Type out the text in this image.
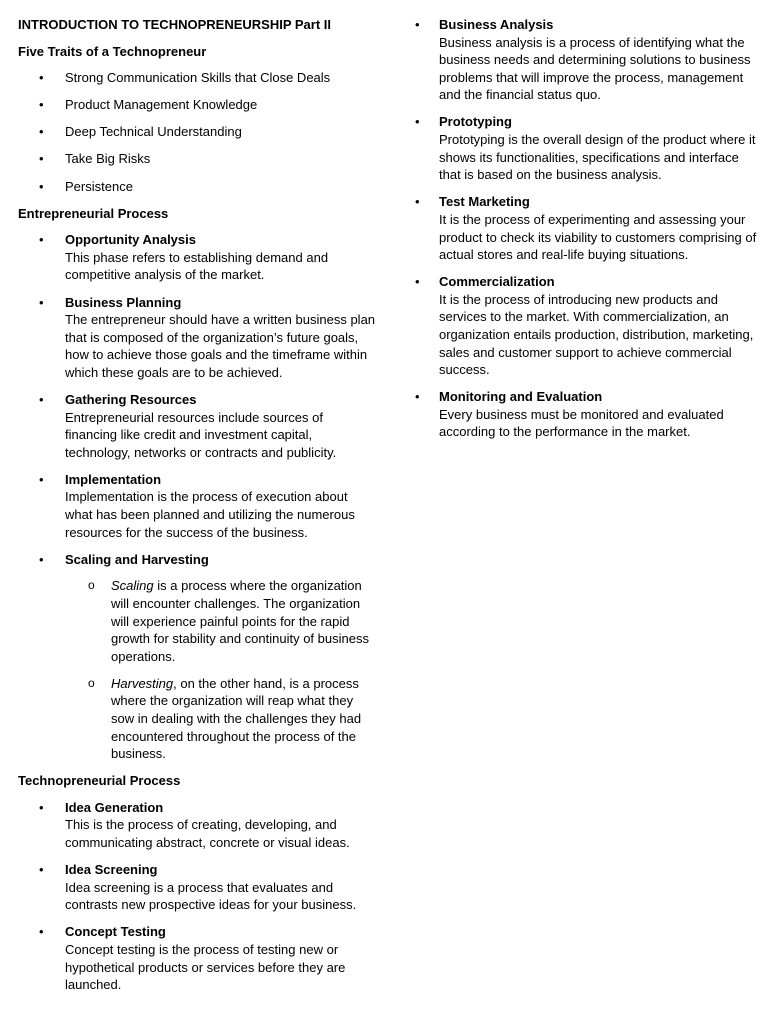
INTRODUCTION TO TECHNOPRENEURSHIP Part II
Five Traits of a Technopreneur
• Strong Communication Skills that Close Deals
• Product Management Knowledge
• Deep Technical Understanding
• Take Big Risks
• Persistence
Entrepreneurial Process
• Opportunity Analysis
This phase refers to establishing demand and competitive analysis of the market.
• Business Planning
The entrepreneur should have a written business plan that is composed of the organization’s future goals, how to achieve those goals and the timeframe within which these goals are to be achieved.
• Gathering Resources
Entrepreneurial resources include sources of financing like credit and investment capital, technology, networks or contracts and publicity.
• Implementation
Implementation is the process of execution about what has been planned and utilizing the numerous resources for the success of the business.
• Scaling and Harvesting
o Scaling is a process where the organization will encounter challenges. The organization will experience painful points for the rapid growth for stability and continuity of business operations.
o Harvesting, on the other hand, is a process where the organization will reap what they sow in dealing with the challenges they had encountered throughout the process of the business.
Technopreneurial Process
• Idea Generation
This is the process of creating, developing, and communicating abstract, concrete or visual ideas.
• Idea Screening
Idea screening is a process that evaluates and contrasts new prospective ideas for your business.
• Concept Testing
Concept testing is the process of testing new or hypothetical products or services before they are launched.
• Business Analysis
Business analysis is a process of identifying what the business needs and determining solutions to business problems that will improve the process, management and the financial status quo.
• Prototyping
Prototyping is the overall design of the product where it shows its functionalities, specifications and interface that is based on the business analysis.
• Test Marketing
It is the process of experimenting and assessing your product to check its viability to customers comprising of actual stores and real-life buying situations.
• Commercialization
It is the process of introducing new products and services to the market. With commercialization, an organization entails production, distribution, marketing, sales and customer support to achieve commercial success.
• Monitoring and Evaluation
Every business must be monitored and evaluated according to the performance in the market.
